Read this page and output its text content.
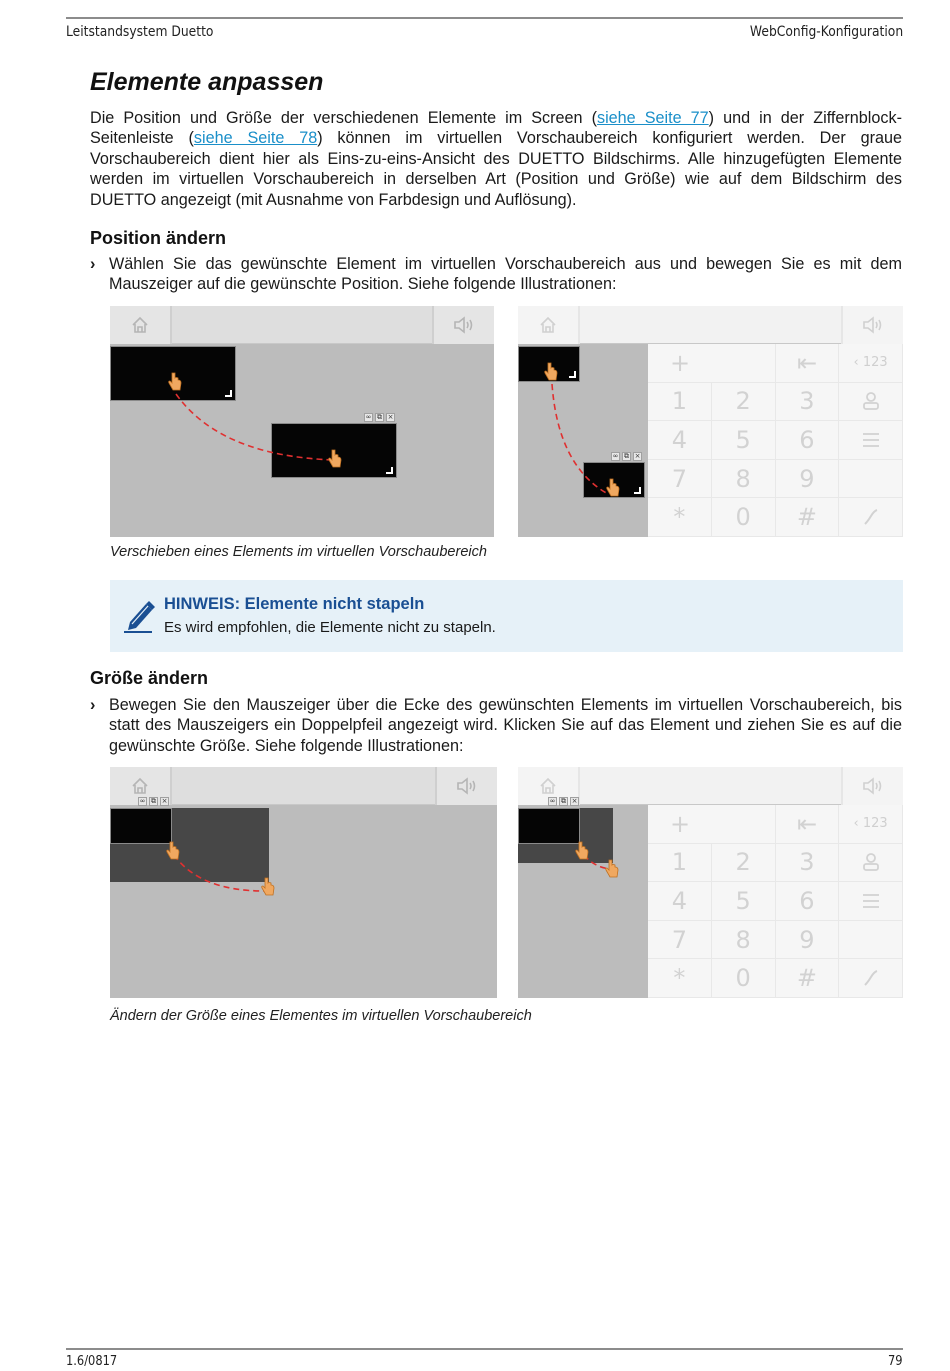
Leitstandsystem Duetto	WebConfig-Konfiguration
Elemente anpassen
Die Position und Größe der verschiedenen Elemente im Screen (siehe Seite 77) und in der Ziffernblock-Seitenleiste (siehe Seite 78) können im virtuellen Vorschaubereich konfiguriert werden. Der graue Vorschaubereich dient hier als Eins-zu-eins-Ansicht des DUETTO Bildschirms. Alle hinzugefügten Elemente werden im virtuellen Vorschaubereich in derselben Art (Position und Größe) wie auf dem Bildschirm des DUETTO angezeigt (mit Ausnahme von Farbdesign und Auflösung).
Position ändern
› Wählen Sie das gewünschte Element im virtuellen Vorschaubereich aus und bewegen Sie es mit dem Mauszeiger auf die gewünschte Position. Siehe folgende Illustrationen:
∞ ⧉ ×
∞ ⧉ ×
+	⇤	‹ 123
1	2	3
4	5	6
7	8	9
*	0	#
Verschieben eines Elements im virtuellen Vorschaubereich
HINWEIS: Elemente nicht stapeln
Es wird empfohlen, die Elemente nicht zu stapeln.
Größe ändern
› Bewegen Sie den Mauszeiger über die Ecke des gewünschten Elements im virtuellen Vorschaubereich, bis statt des Mauszeigers ein Doppelpfeil angezeigt wird. Klicken Sie auf das Element und ziehen Sie es auf die gewünschte Größe. Siehe folgende Illustrationen:
∞ ⧉ ×	∞ ⧉ ×
+	⇤	‹ 123
1	2	3
4	5	6
7	8	9
*	0	#
Ändern der Größe eines Elementes im virtuellen Vorschaubereich
1.6/0817	79
